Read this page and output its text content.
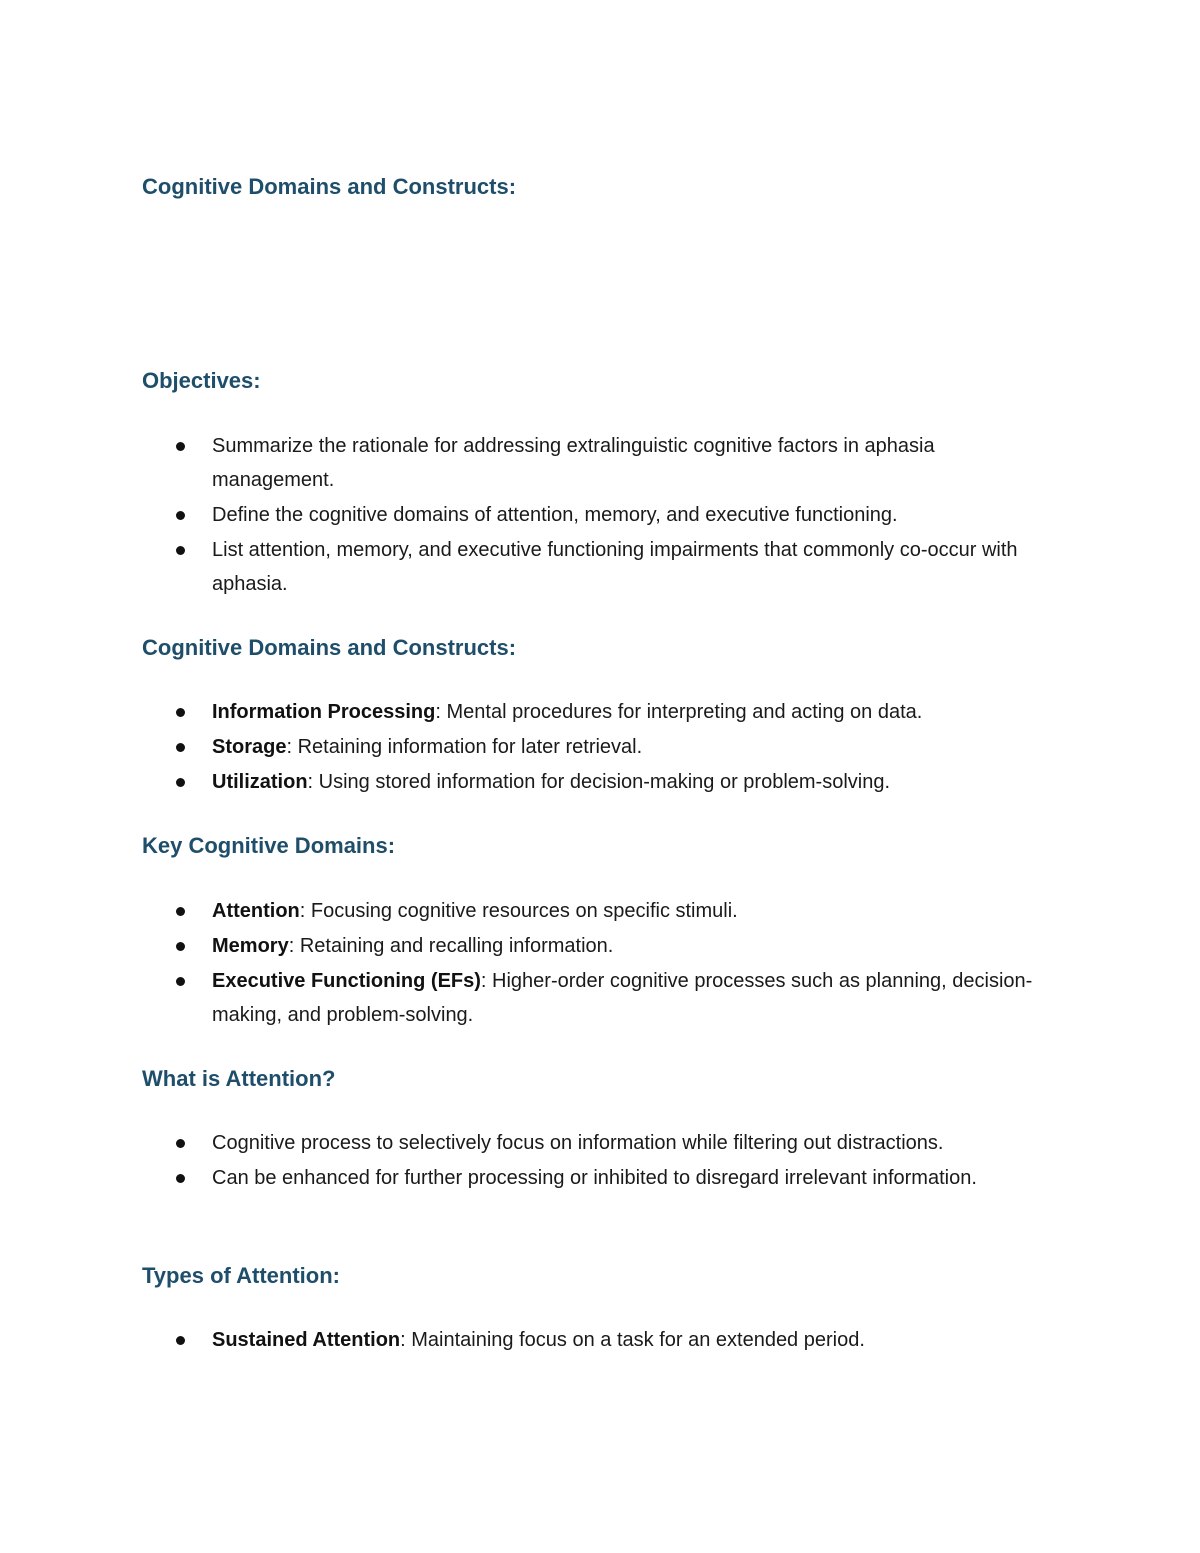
Cognitive Domains and Constructs:
Objectives:
Summarize the rationale for addressing extralinguistic cognitive factors in aphasia management.
Define the cognitive domains of attention, memory, and executive functioning.
List attention, memory, and executive functioning impairments that commonly co-occur with aphasia.
Cognitive Domains and Constructs:
Information Processing: Mental procedures for interpreting and acting on data.
Storage: Retaining information for later retrieval.
Utilization: Using stored information for decision-making or problem-solving.
Key Cognitive Domains:
Attention: Focusing cognitive resources on specific stimuli.
Memory: Retaining and recalling information.
Executive Functioning (EFs): Higher-order cognitive processes such as planning, decision-making, and problem-solving.
What is Attention?
Cognitive process to selectively focus on information while filtering out distractions.
Can be enhanced for further processing or inhibited to disregard irrelevant information.
Types of Attention:
Sustained Attention: Maintaining focus on a task for an extended period.
